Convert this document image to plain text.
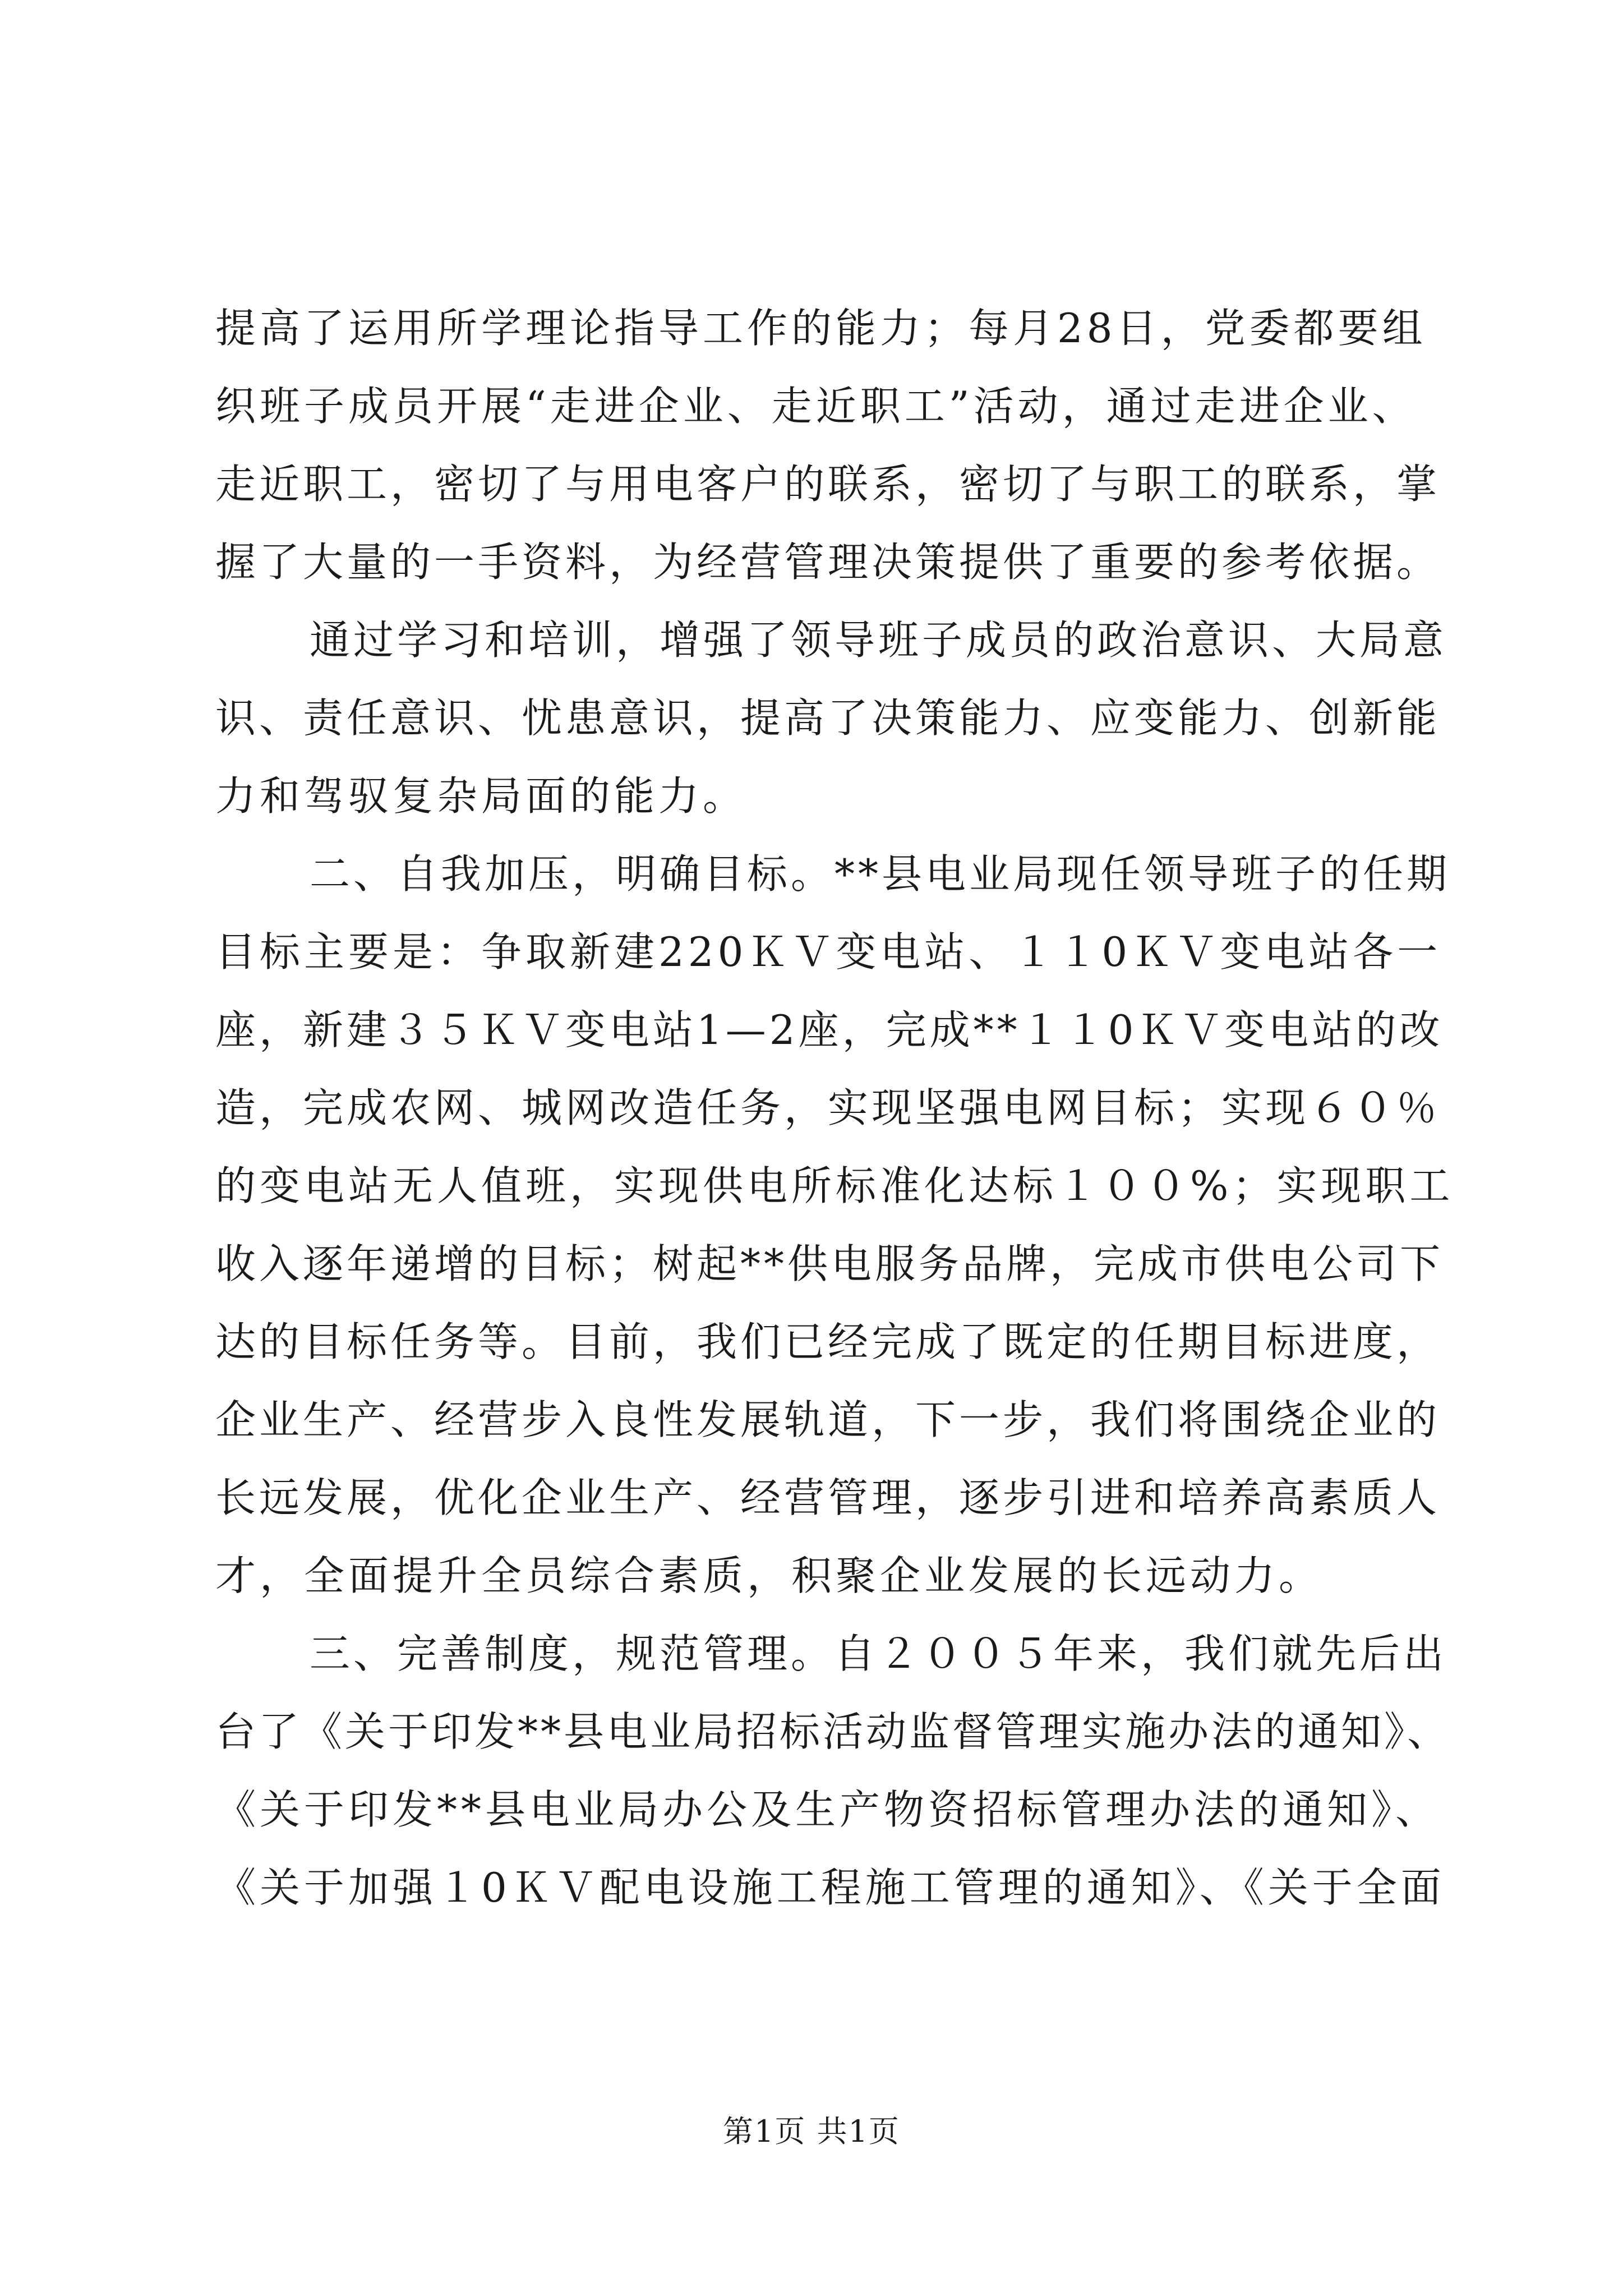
提高了运用所学理论指导工作的能力；每月28日，党委都要组
织班子成员开展“走进企业、走近职工”活动，通过走进企业、
走近职工，密切了与用电客户的联系，密切了与职工的联系，掌
握了大量的一手资料，为经营管理决策提供了重要的参考依据。
通过学习和培训，增强了领导班子成员的政治意识、大局意
识、责任意识、忧患意识，提高了决策能力、应变能力、创新能
力和驾驭复杂局面的能力。
二、自我加压，明确目标。**县电业局现任领导班子的任期
目标主要是：争取新建220ＫＶ变电站、１１0ＫＶ变电站各一
座，新建３５ＫＶ变电站1—2座，完成**１１0ＫＶ变电站的改
造，完成农网、城网改造任务，实现坚强电网目标；实现６０％
的变电站无人值班，实现供电所标准化达标１００%；实现职工
收入逐年递增的目标；树起**供电服务品牌，完成市供电公司下
达的目标任务等。目前，我们已经完成了既定的任期目标进度，
企业生产、经营步入良性发展轨道，下一步，我们将围绕企业的
长远发展，优化企业生产、经营管理，逐步引进和培养高素质人
才，全面提升全员综合素质，积聚企业发展的长远动力。
三、完善制度，规范管理。自２００５年来，我们就先后出
台了《关于印发**县电业局招标活动监督管理实施办法的通知》、
《关于印发**县电业局办公及生产物资招标管理办法的通知》、
《关于加强１0ＫＶ配电设施工程施工管理的通知》、《关于全面
第1页 共1页
